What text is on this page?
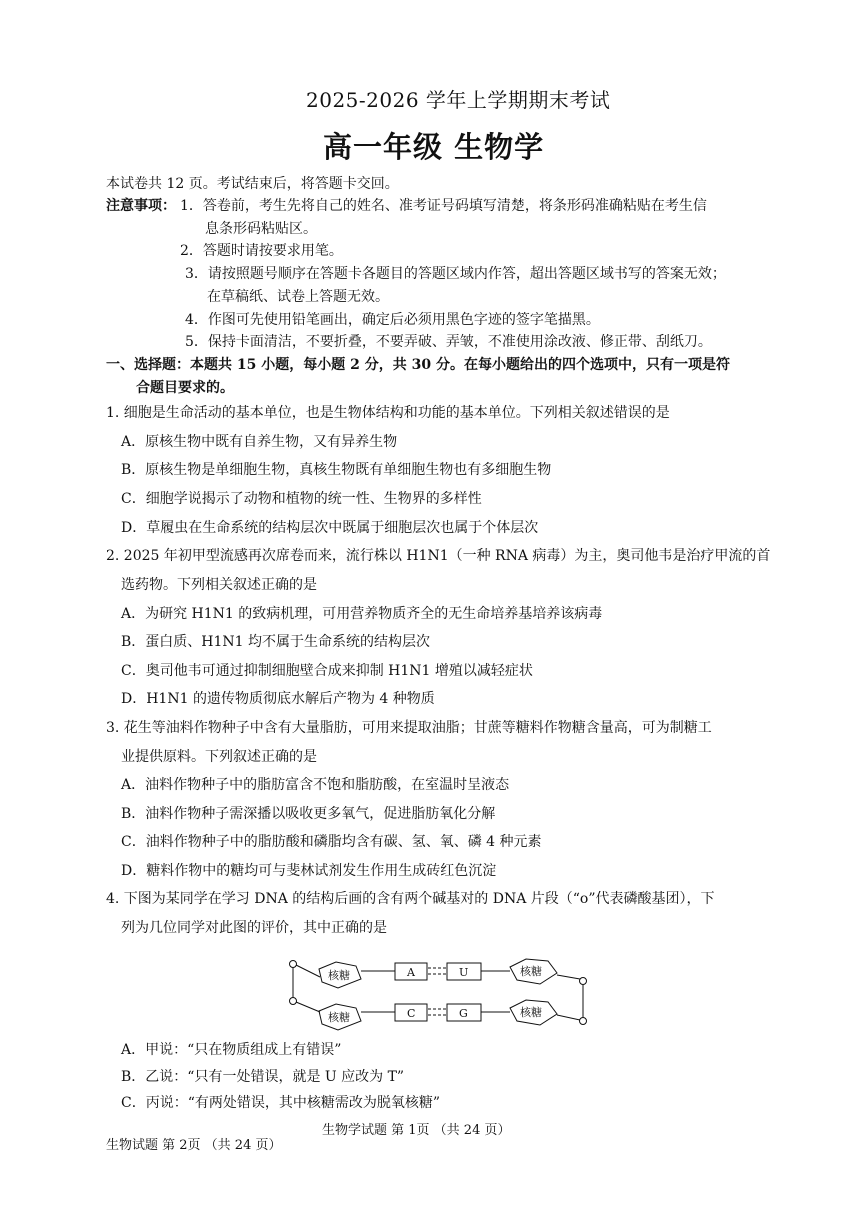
2025-2026 学年上学期期末考试
高一年级 生物学
本试卷共 12 页。考试结束后，将答题卡交回。
注意事项： 1．答卷前，考生先将自己的姓名、准考证号码填写清楚，将条形码准确粘贴在考生信
息条形码粘贴区。
2．答题时请按要求用笔。
3．请按照题号顺序在答题卡各题目的答题区域内作答，超出答题区域书写的答案无效；
在草稿纸、试卷上答题无效。
4．作图可先使用铅笔画出，确定后必须用黑色字迹的签字笔描黑。
5．保持卡面清洁，不要折叠，不要弄破、弄皱，不准使用涂改液、修正带、刮纸刀。
一、选择题：本题共 15 小题，每小题 2 分，共 30 分。在每小题给出的四个选项中，只有一项是符
合题目要求的。
1. 细胞是生命活动的基本单位，也是生物体结构和功能的基本单位。下列相关叙述错误的是
A．原核生物中既有自养生物，又有异养生物
B．原核生物是单细胞生物，真核生物既有单细胞生物也有多细胞生物
C．细胞学说揭示了动物和植物的统一性、生物界的多样性
D．草履虫在生命系统的结构层次中既属于细胞层次也属于个体层次
2. 2025 年初甲型流感再次席卷而来，流行株以 H1N1（一种 RNA 病毒）为主，奥司他韦是治疗甲流的首
选药物。下列相关叙述正确的是
A．为研究 H1N1 的致病机理，可用营养物质齐全的无生命培养基培养该病毒
B．蛋白质、H1N1 均不属于生命系统的结构层次
C．奥司他韦可通过抑制细胞壁合成来抑制 H1N1 增殖以减轻症状
D．H1N1 的遗传物质彻底水解后产物为 4 种物质
3. 花生等油料作物种子中含有大量脂肪，可用来提取油脂；甘蔗等糖料作物糖含量高，可为制糖工
业提供原料。下列叙述正确的是
A．油料作物种子中的脂肪富含不饱和脂肪酸，在室温时呈液态
B．油料作物种子需深播以吸收更多氧气，促进脂肪氧化分解
C．油料作物种子中的脂肪酸和磷脂均含有碳、氢、氧、磷 4 种元素
D．糖料作物中的糖均可与斐林试剂发生作用生成砖红色沉淀
4. 下图为某同学在学习 DNA 的结构后画的含有两个碱基对的 DNA 片段（“o”代表磷酸基团），下
列为几位同学对此图的评价，其中正确的是
核糖
核糖
核糖
核糖
A	U
C	G
A．甲说：“只在物质组成上有错误”
B．乙说：“只有一处错误，就是 U 应改为 T”
C．丙说：“有两处错误，其中核糖需改为脱氧核糖”
生物学试题 第 1页 （共 24 页）
生物试题 第 2页 （共 24 页）
